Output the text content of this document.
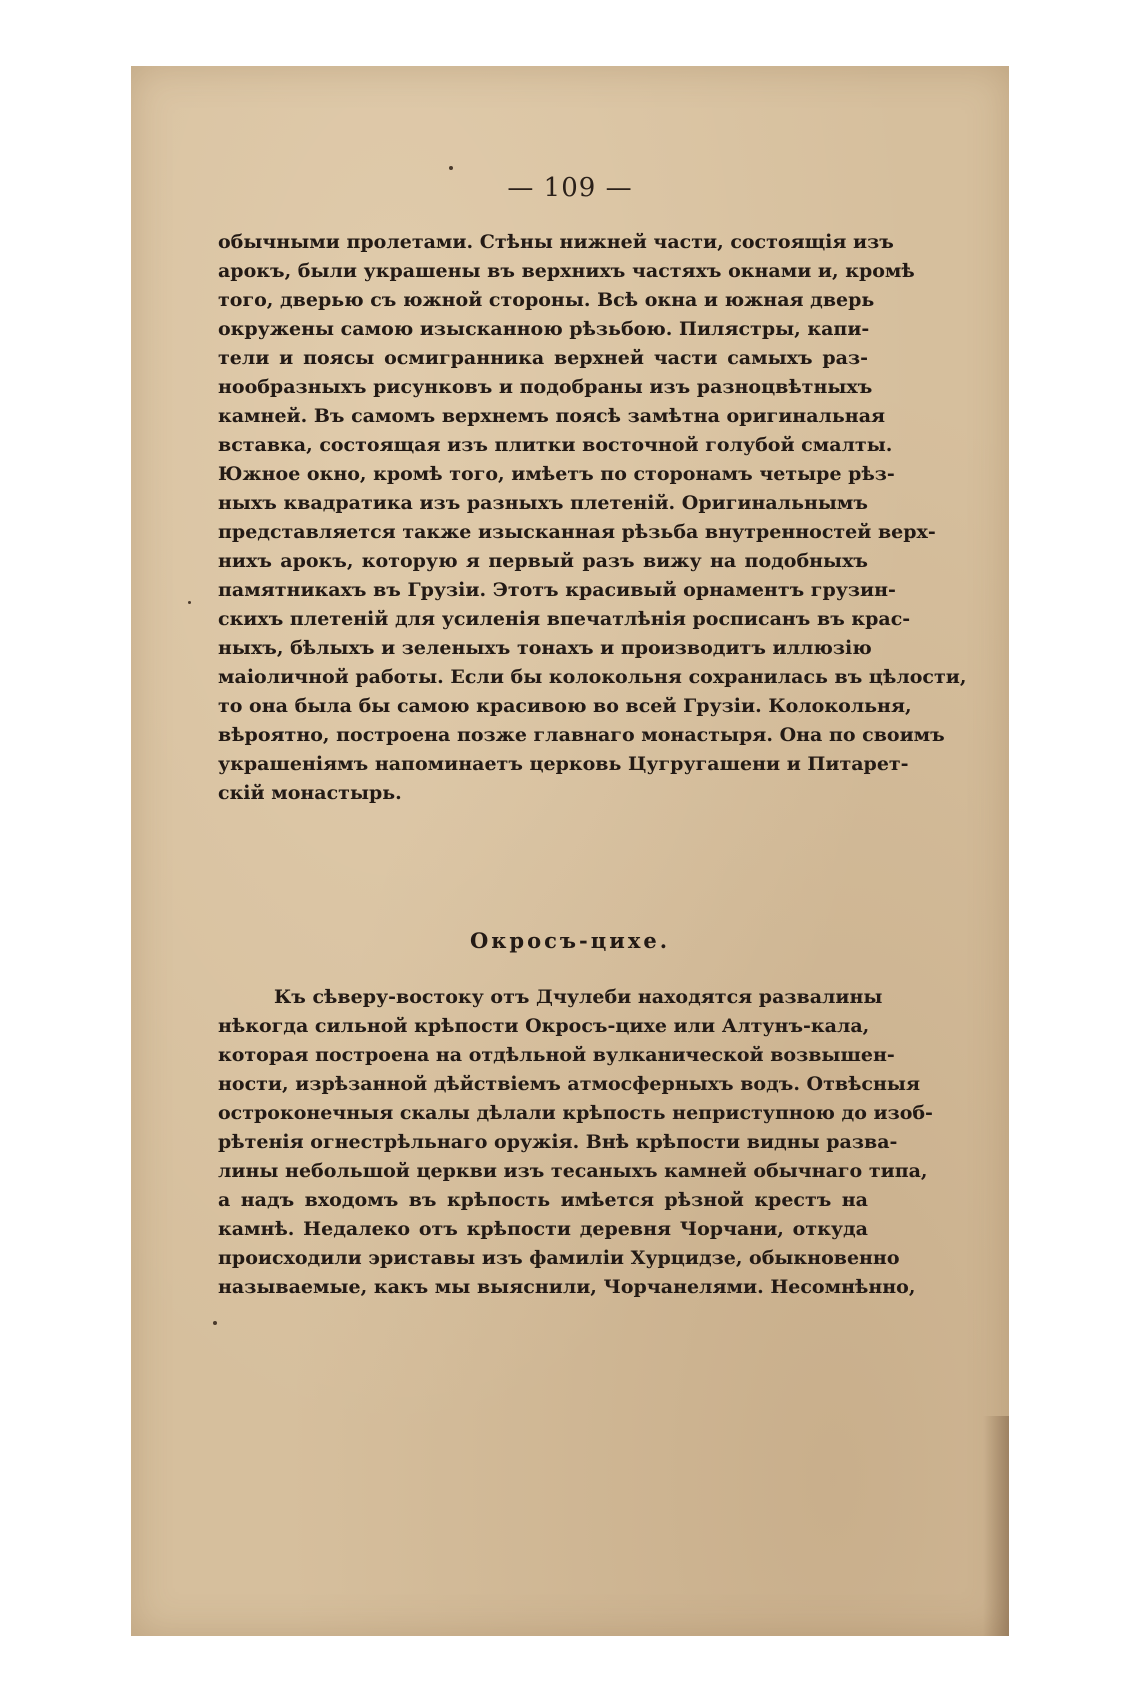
— 109 —
обычными пролетами. Стѣны нижней части, состоящія изъ
арокъ, были украшены въ верхнихъ частяхъ окнами и, кромѣ
того, дверью съ южной стороны. Всѣ окна и южная дверь
окружены самою изысканною рѣзьбою. Пилястры, капи-
тели и поясы осмигранника верхней части самыхъ раз-
нообразныхъ рисунковъ и подобраны изъ разноцвѣтныхъ
камней. Въ самомъ верхнемъ поясѣ замѣтна оригинальная
вставка, состоящая изъ плитки восточной голубой смалты.
Южное окно, кромѣ того, имѣетъ по сторонамъ четыре рѣз-
ныхъ квадратика изъ разныхъ плетеній. Оригинальнымъ
представляется также изысканная рѣзьба внутренностей верх-
нихъ арокъ, которую я первый разъ вижу на подобныхъ
памятникахъ въ Грузіи. Этотъ красивый орнаментъ грузин-
скихъ плетеній для усиленія впечатлѣнія росписанъ въ крас-
ныхъ, бѣлыхъ и зеленыхъ тонахъ и производитъ иллюзію
маіоличной работы. Если бы колокольня сохранилась въ цѣлости,
то она была бы самою красивою во всей Грузіи. Колокольня,
вѣроятно, построена позже главнаго монастыря. Она по своимъ
украшеніямъ напоминаетъ церковь Цугругашени и Питарет-
скій монастырь.
Окросъ-цихе.
Къ сѣверу-востоку отъ Дчулеби находятся развалины
нѣкогда сильной крѣпости Окросъ-цихе или Алтунъ-кала,
которая построена на отдѣльной вулканической возвышен-
ности, изрѣзанной дѣйствіемъ атмосферныхъ водъ. Отвѣсныя
остроконечныя скалы дѣлали крѣпость неприступною до изоб-
рѣтенія огнестрѣльнаго оружія. Внѣ крѣпости видны разва-
лины небольшой церкви изъ тесаныхъ камней обычнаго типа,
а надъ входомъ въ крѣпость имѣется рѣзной крестъ на
камнѣ. Недалеко отъ крѣпости деревня Чорчани, откуда
происходили эриставы изъ фамиліи Хурцидзе, обыкновенно
называемые, какъ мы выяснили, Чорчанелями. Несомнѣнно,
